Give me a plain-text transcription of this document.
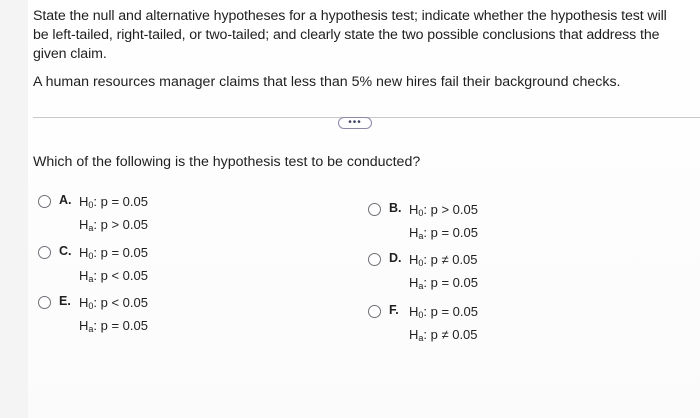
State the null and alternative hypotheses for a hypothesis test; indicate whether the hypothesis test will be left-tailed, right-tailed, or two-tailed; and clearly state the two possible conclusions that address the given claim.
A human resources manager claims that less than 5% new hires fail their background checks.
•••
Which of the following is the hypothesis test to be conducted?
A. $H_0$: p = 0.05
$H_a$: p > 0.05
B. $H_0$: p > 0.05
$H_a$: p = 0.05
C. $H_0$: p = 0.05
$H_a$: p < 0.05
D. $H_0$: p ≠ 0.05
$H_a$: p = 0.05
E. $H_0$: p < 0.05
$H_a$: p = 0.05
F. $H_0$: p = 0.05
$H_a$: p ≠ 0.05
